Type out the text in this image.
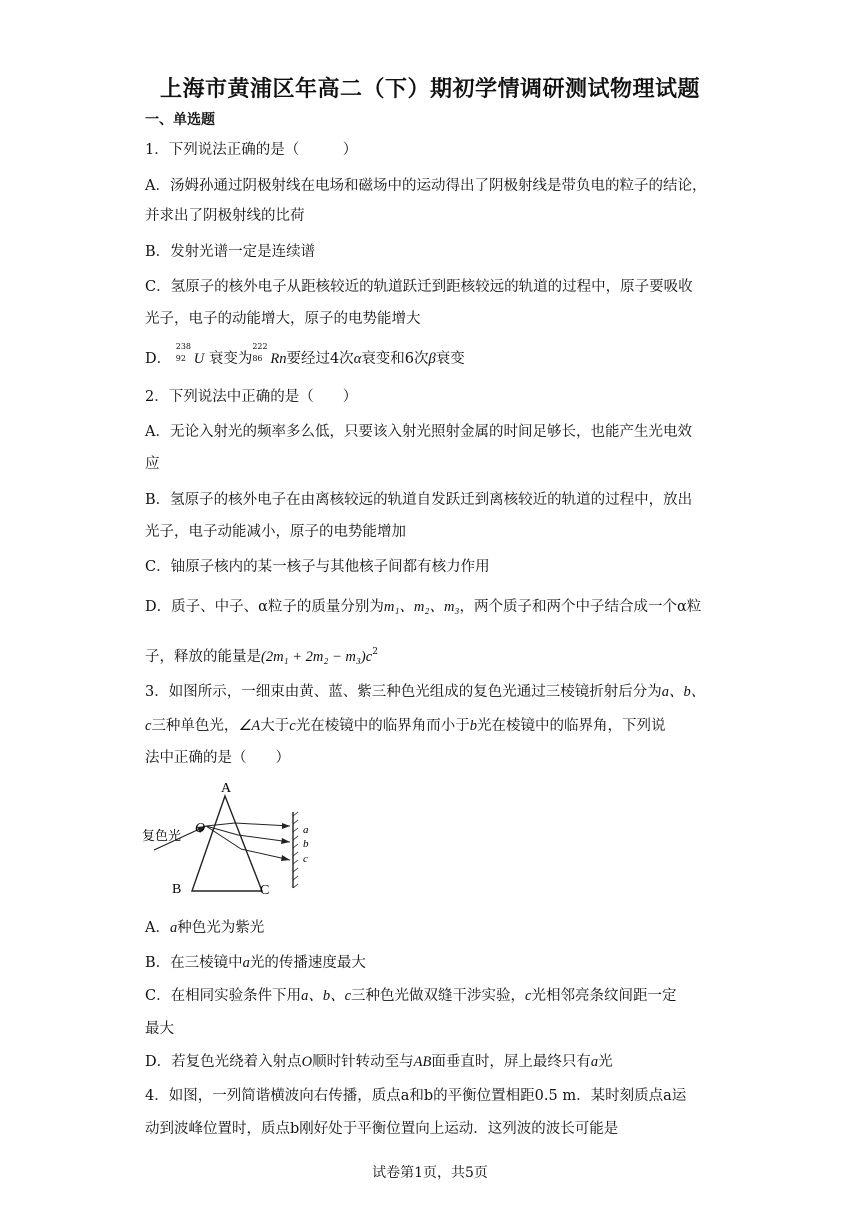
上海市黄浦区年高二（下）期初学情调研测试物理试题
一、单选题
1．下列说法正确的是（　　　）
A．汤姆孙通过阴极射线在电场和磁场中的运动得出了阴极射线是带负电的粒子的结论，
并求出了阴极射线的比荷
B．发射光谱一定是连续谱
C．氢原子的核外电子从距核较近的轨道跃迁到距核较远的轨道的过程中，原子要吸收
光子，电子的动能增大，原子的电势能增大
D．
238
92 U 衰变为
222
86 Rn要经过4次α衰变和6次β衰变
2．下列说法中正确的是（　　）
A．无论入射光的频率多么低，只要该入射光照射金属的时间足够长，也能产生光电效
应
B．氢原子的核外电子在由离核较远的轨道自发跃迁到离核较近的轨道的过程中，放出
光子，电子动能减小，原子的电势能增加
C．铀原子核内的某一核子与其他核子间都有核力作用
D．质子、中子、α粒子的质量分别为m₁、m₂、m₃，两个质子和两个中子结合成一个α粒
子，释放的能量是$(2m_1 + 2m_2 - m_3)c^2$
3．如图所示，一细束由黄、蓝、紫三种色光组成的复色光通过三棱镜折射后分为a、b、
c三种单色光，∠A大于c光在棱镜中的临界角而小于b光在棱镜中的临界角，下列说
法中正确的是（　　）
A
B	C
O
复色光	a
b
c
A．a种色光为紫光
B．在三棱镜中a光的传播速度最大
C．在相同实验条件下用a、b、c三种色光做双缝干涉实验，c光相邻亮条纹间距一定
最大
D．若复色光绕着入射点O顺时针转动至与AB面垂直时，屏上最终只有a光
4．如图，一列简谐横波向右传播，质点a和b的平衡位置相距0.5 m．某时刻质点a运
动到波峰位置时，质点b刚好处于平衡位置向上运动．这列波的波长可能是
试卷第1页，共5页
